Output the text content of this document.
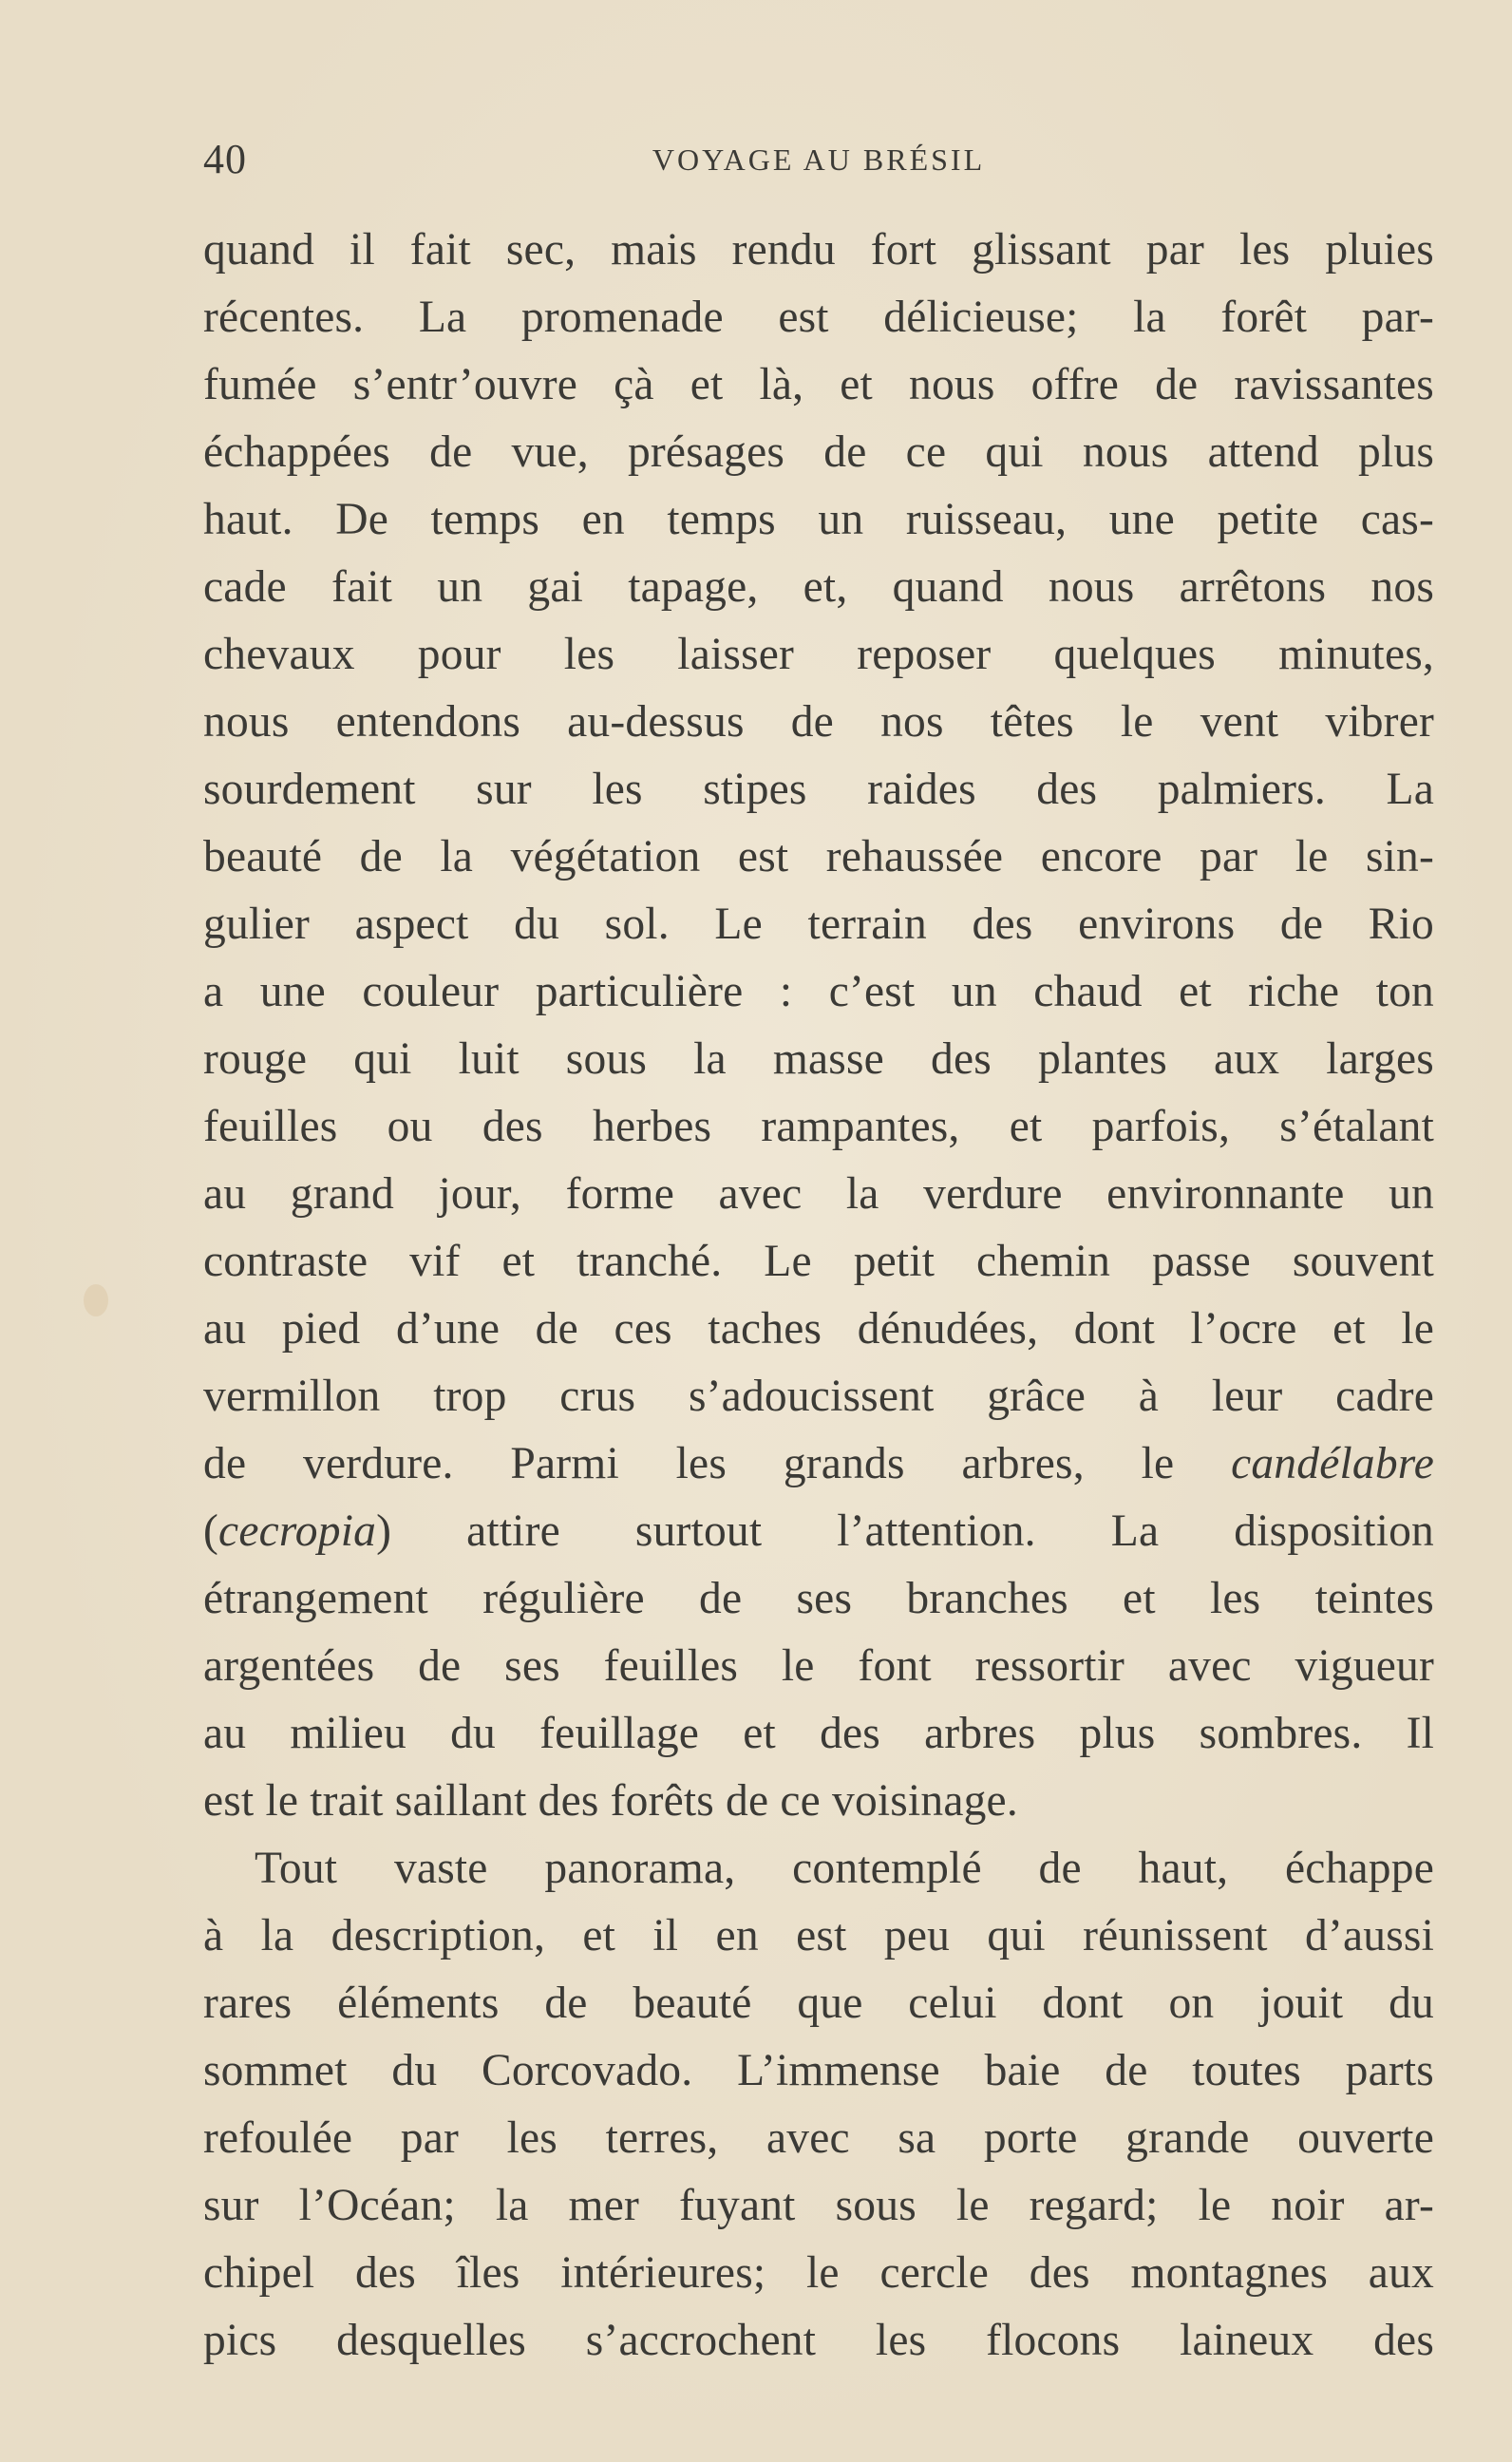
40	VOYAGE AU BRÉSIL
quand il fait sec, mais rendu fort glissant par les pluies
récentes. La promenade est délicieuse; la forêt par-
fumée s’entr’ouvre çà et là, et nous offre de ravissantes
échappées de vue, présages de ce qui nous attend plus
haut. De temps en temps un ruisseau, une petite cas-
cade fait un gai tapage, et, quand nous arrêtons nos
chevaux pour les laisser reposer quelques minutes,
nous entendons au-dessus de nos têtes le vent vibrer
sourdement sur les stipes raides des palmiers. La
beauté de la végétation est rehaussée encore par le sin-
gulier aspect du sol. Le terrain des environs de Rio
a une couleur particulière : c’est un chaud et riche ton
rouge qui luit sous la masse des plantes aux larges
feuilles ou des herbes rampantes, et parfois, s’étalant
au grand jour, forme avec la verdure environnante un
contraste vif et tranché. Le petit chemin passe souvent
au pied d’une de ces taches dénudées, dont l’ocre et le
vermillon trop crus s’adoucissent grâce à leur cadre
de verdure. Parmi les grands arbres, le candélabre
(cecropia) attire surtout l’attention. La disposition
étrangement régulière de ses branches et les teintes
argentées de ses feuilles le font ressortir avec vigueur
au milieu du feuillage et des arbres plus sombres. Il
est le trait saillant des forêts de ce voisinage.
Tout vaste panorama, contemplé de haut, échappe
à la description, et il en est peu qui réunissent d’aussi
rares éléments de beauté que celui dont on jouit du
sommet du Corcovado. L’immense baie de toutes parts
refoulée par les terres, avec sa porte grande ouverte
sur l’Océan; la mer fuyant sous le regard; le noir ar-
chipel des îles intérieures; le cercle des montagnes aux
pics desquelles s’accrochent les flocons laineux des
